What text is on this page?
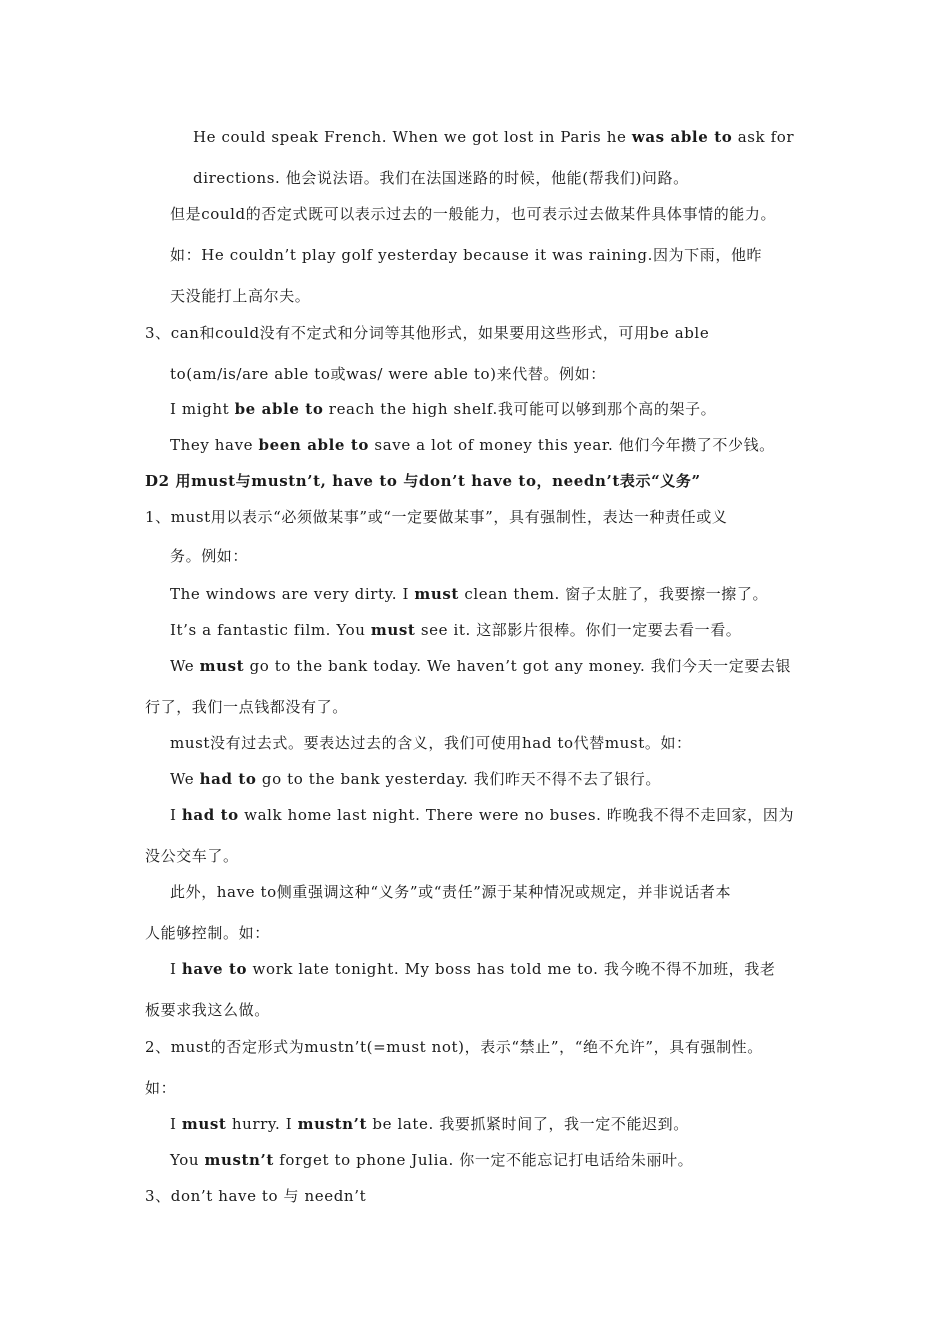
He could speak French. When we got lost in Paris he was able to ask for
directions. 他会说法语。我们在法国迷路的时候，他能(帮我们)问路。
但是could的否定式既可以表示过去的一般能力，也可表示过去做某件具体事情的能力。
如：He couldn’t play golf yesterday because it was raining.因为下雨，他昨
天没能打上高尔夫。
3、can和could没有不定式和分词等其他形式，如果要用这些形式，可用be able
to(am/is/are able to或was/ were able to)来代替。例如：
I might be able to reach the high shelf.我可能可以够到那个高的架子。
They have been able to save a lot of money this year. 他们今年攒了不少钱。
D2 用must与mustn’t, have to 与don’t have to，needn’t表示“义务”
1、must用以表示“必须做某事”或“一定要做某事”，具有强制性，表达一种责任或义
务。例如：
The windows are very dirty. I must clean them. 窗子太脏了，我要擦一擦了。
It’s a fantastic film. You must see it. 这部影片很棒。你们一定要去看一看。
We must go to the bank today. We haven’t got any money. 我们今天一定要去银
行了，我们一点钱都没有了。
must没有过去式。要表达过去的含义，我们可使用had to代替must。如：
We had to go to the bank yesterday. 我们昨天不得不去了银行。
I had to walk home last night. There were no buses. 昨晚我不得不走回家，因为
没公交车了。
此外，have to侧重强调这种“义务”或“责任”源于某种情况或规定，并非说话者本
人能够控制。如：
I have to work late tonight. My boss has told me to. 我今晚不得不加班，我老
板要求我这么做。
2、must的否定形式为mustn’t(=must not)，表示“禁止”，“绝不允许”，具有强制性。
如：
I must hurry. I mustn’t be late. 我要抓紧时间了，我一定不能迟到。
You mustn’t forget to phone Julia. 你一定不能忘记打电话给朱丽叶。
3、don’t have to 与 needn’t
